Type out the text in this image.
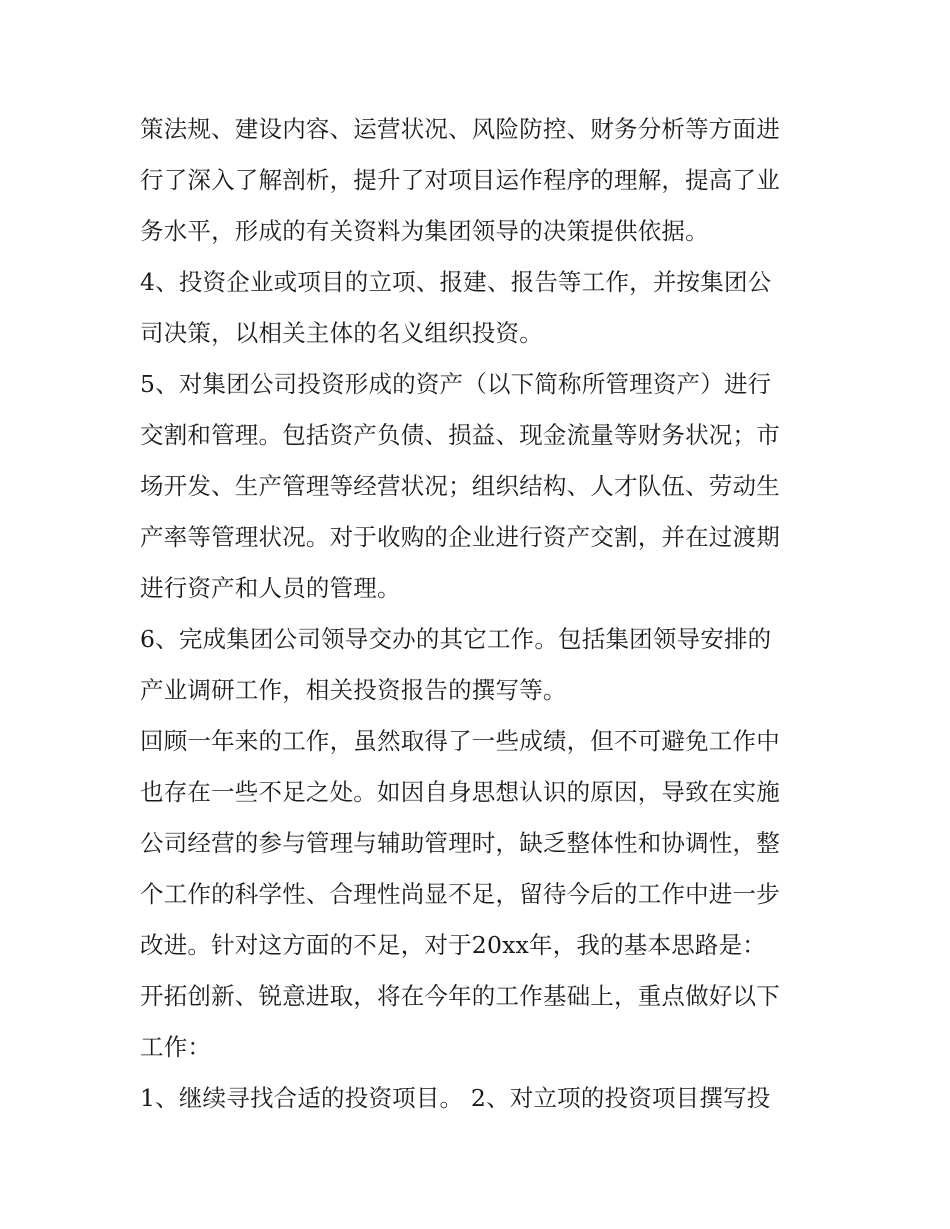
策法规、建设内容、运营状况、风险防控、财务分析等方面进
行了深入了解剖析，提升了对项目运作程序的理解，提高了业
务水平，形成的有关资料为集团领导的决策提供依据。
4、投资企业或项目的立项、报建、报告等工作，并按集团公
司决策，以相关主体的名义组织投资。
5、对集团公司投资形成的资产（以下简称所管理资产）进行
交割和管理。包括资产负债、损益、现金流量等财务状况；市
场开发、生产管理等经营状况；组织结构、人才队伍、劳动生
产率等管理状况。对于收购的企业进行资产交割，并在过渡期
进行资产和人员的管理。
6、完成集团公司领导交办的其它工作。包括集团领导安排的
产业调研工作，相关投资报告的撰写等。
回顾一年来的工作，虽然取得了一些成绩，但不可避免工作中
也存在一些不足之处。如因自身思想认识的原因，导致在实施
公司经营的参与管理与辅助管理时，缺乏整体性和协调性，整
个工作的科学性、合理性尚显不足，留待今后的工作中进一步
改进。针对这方面的不足，对于20xx年，我的基本思路是：
开拓创新、锐意进取，将在今年的工作基础上，重点做好以下
工作：
1、继续寻找合适的投资项目。 2、对立项的投资项目撰写投
